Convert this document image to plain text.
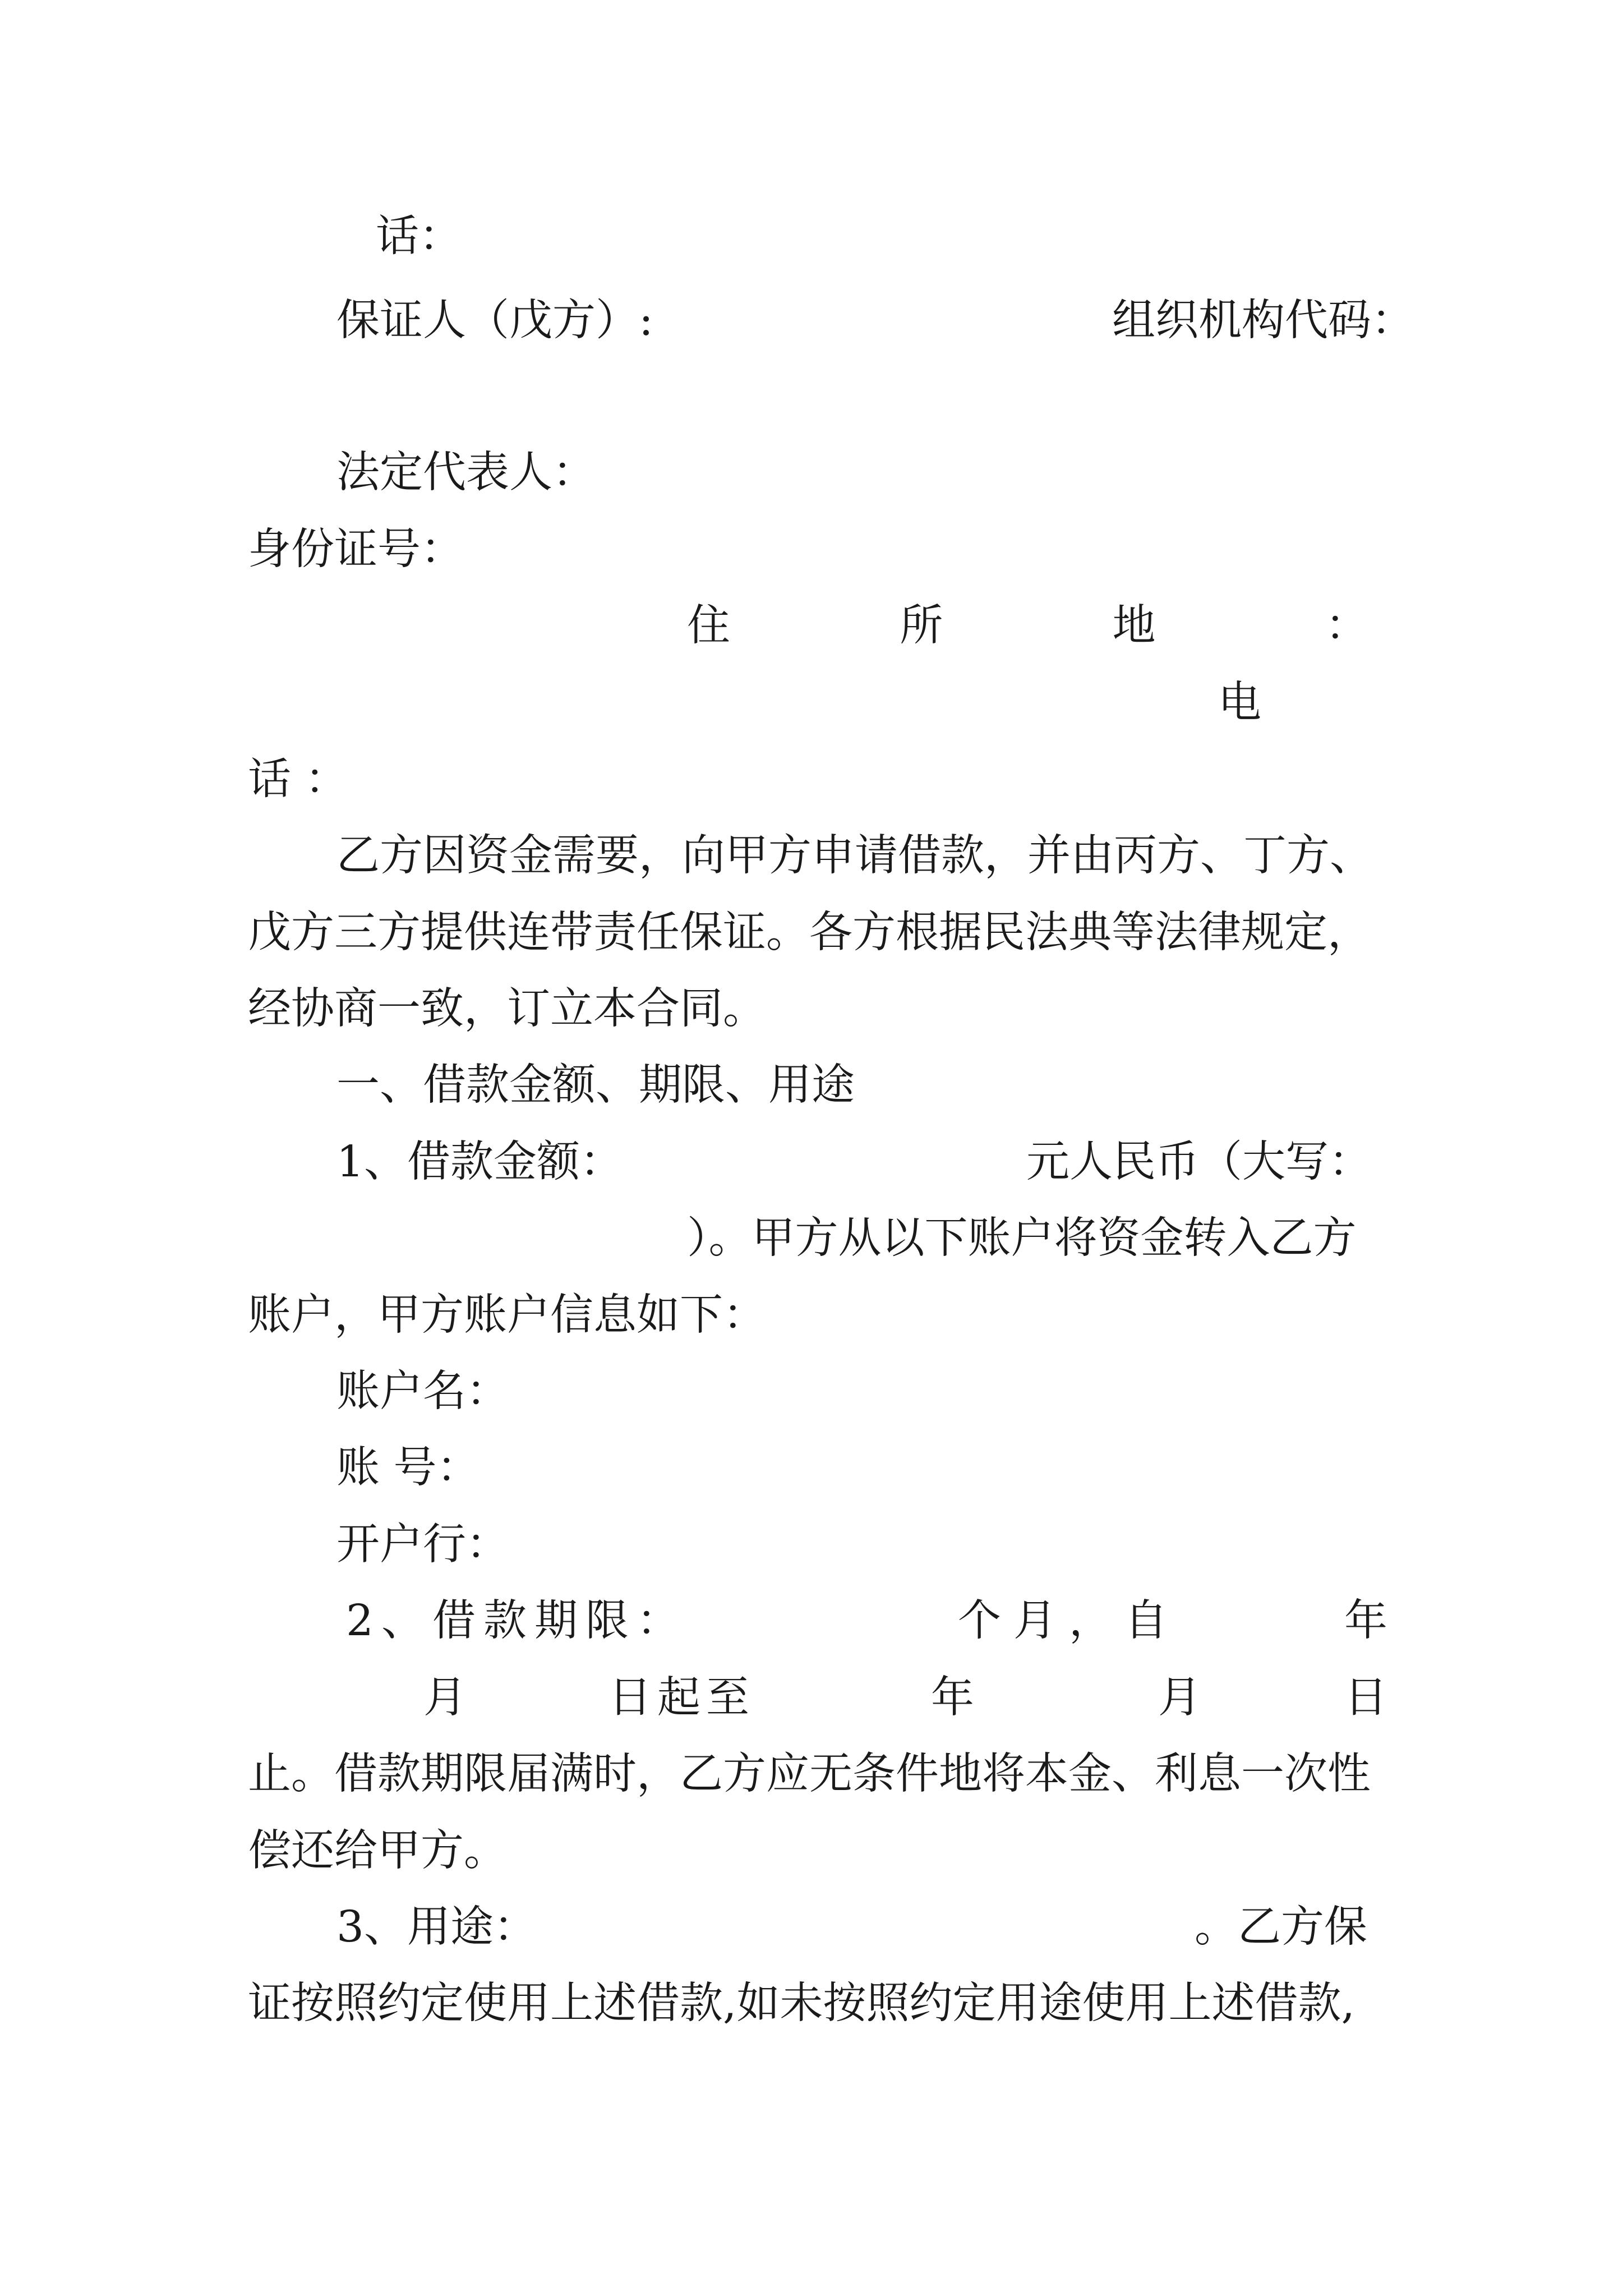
话：

保证人（戊方）:	组织机构代码：

法定代表人：

身份证号：

住	所	地	：

电

话 ：

乙方因资金需要，向甲方申请借款，并由丙方、丁方、

戊方三方提供连带责任保证。各方根据民法典等法律规定，

经协商一致，订立本合同。

一、借款金额、期限、用途

1、借款金额：	元人民币（大写：

）。甲方从以下账户将资金转入乙方

账户，甲方账户信息如下：

账户名：

账 号：

开户行：

2、借款期限：	个月，自	年

月	日起至	年	月	日

止。借款期限届满时，乙方应无条件地将本金、利息一次性

偿还给甲方。

3、用途：	。乙方保

证按照约定使用上述借款,如未按照约定用途使用上述借款,
